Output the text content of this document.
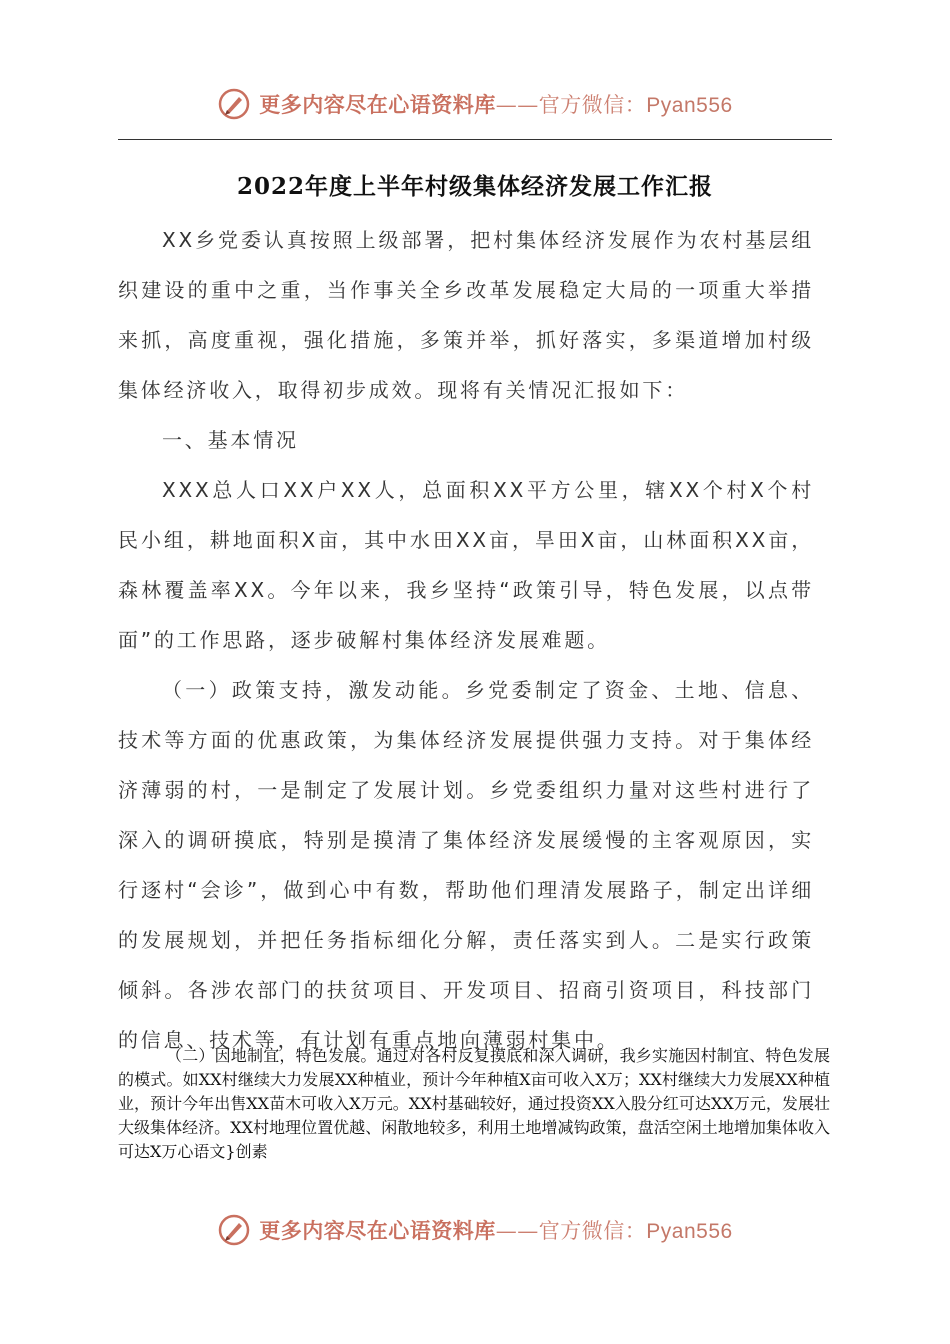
更多内容尽在心语资料库——官方微信：Pyan556
2022年度上半年村级集体经济发展工作汇报

XX乡党委认真按照上级部署，把村集体经济发展作为农村基层组织建设的重中之重，当作事关全乡改革发展稳定大局的一项重大举措来抓，高度重视，强化措施，多策并举，抓好落实，多渠道增加村级集体经济收入，取得初步成效。现将有关情况汇报如下：

一、基本情况

XXX总人口XX户XX人，总面积XX平方公里，辖XX个村X个村民小组，耕地面积X亩，其中水田XX亩，旱田X亩，山林面积XX亩，森林覆盖率XX。今年以来，我乡坚持“政策引导，特色发展，以点带面”的工作思路，逐步破解村集体经济发展难题。

（一）政策支持，激发动能。乡党委制定了资金、土地、信息、技术等方面的优惠政策，为集体经济发展提供强力支持。对于集体经济薄弱的村，一是制定了发展计划。乡党委组织力量对这些村进行了深入的调研摸底，特别是摸清了集体经济发展缓慢的主客观原因，实行逐村“会诊”，做到心中有数，帮助他们理清发展路子，制定出详细的发展规划，并把任务指标细化分解，责任落实到人。二是实行政策倾斜。各涉农部门的扶贫项目、开发项目、招商引资项目，科技部门的信息、技术等，有计划有重点地向薄弱村集中。

（二）因地制宜，特色发展。通过对各村反复摸底和深入调研，我乡实施因村制宜、特色发展的模式。如XX村继续大力发展XX种植业，预计今年种植X亩可收入X万；XX村继续大力发展XX种植业，预计今年出售XX苗木可收入X万元。XX村基础较好，通过投资XX入股分红可达XX万元，发展壮大级集体经济。XX村地理位置优越、闲散地较多，利用土地增减钩政策，盘活空闲土地增加集体收入可达X万心语文}创素

更多内容尽在心语资料库——官方微信：Pyan556
